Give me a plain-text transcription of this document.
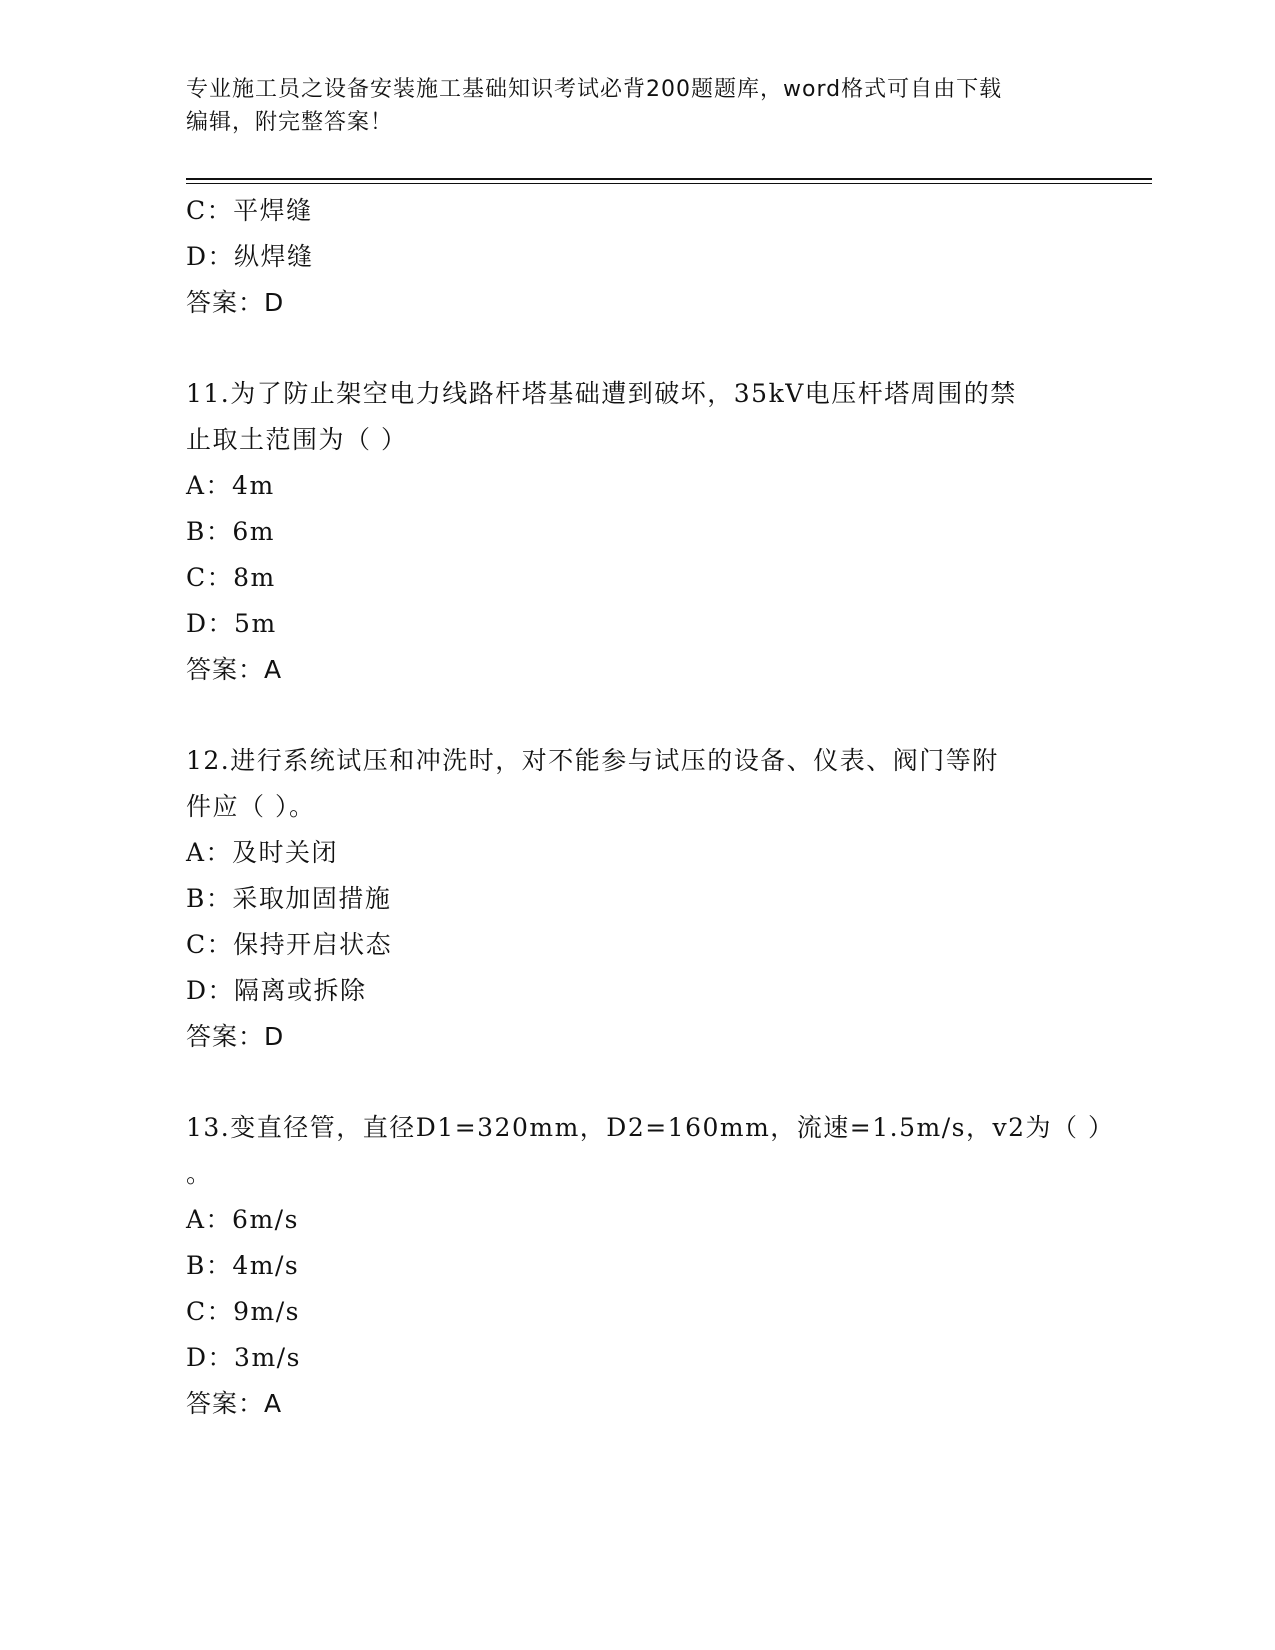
专业施工员之设备安装施工基础知识考试必背200题题库，word格式可自由下载
编辑，附完整答案！
C：平焊缝
D：纵焊缝
答案：D
11.为了防止架空电力线路杆塔基础遭到破坏，35kV电压杆塔周围的禁
止取土范围为（ ）
A：4m
B：6m
C：8m
D：5m
答案：A
12.进行系统试压和冲洗时，对不能参与试压的设备、仪表、阀门等附
件应（ ）。
A：及时关闭
B：采取加固措施
C：保持开启状态
D：隔离或拆除
答案：D
13.变直径管，直径D1=320mm，D2=160mm，流速=1.5m/s，v2为（ ）
。
A：6m/s
B：4m/s
C：9m/s
D：3m/s
答案：A
